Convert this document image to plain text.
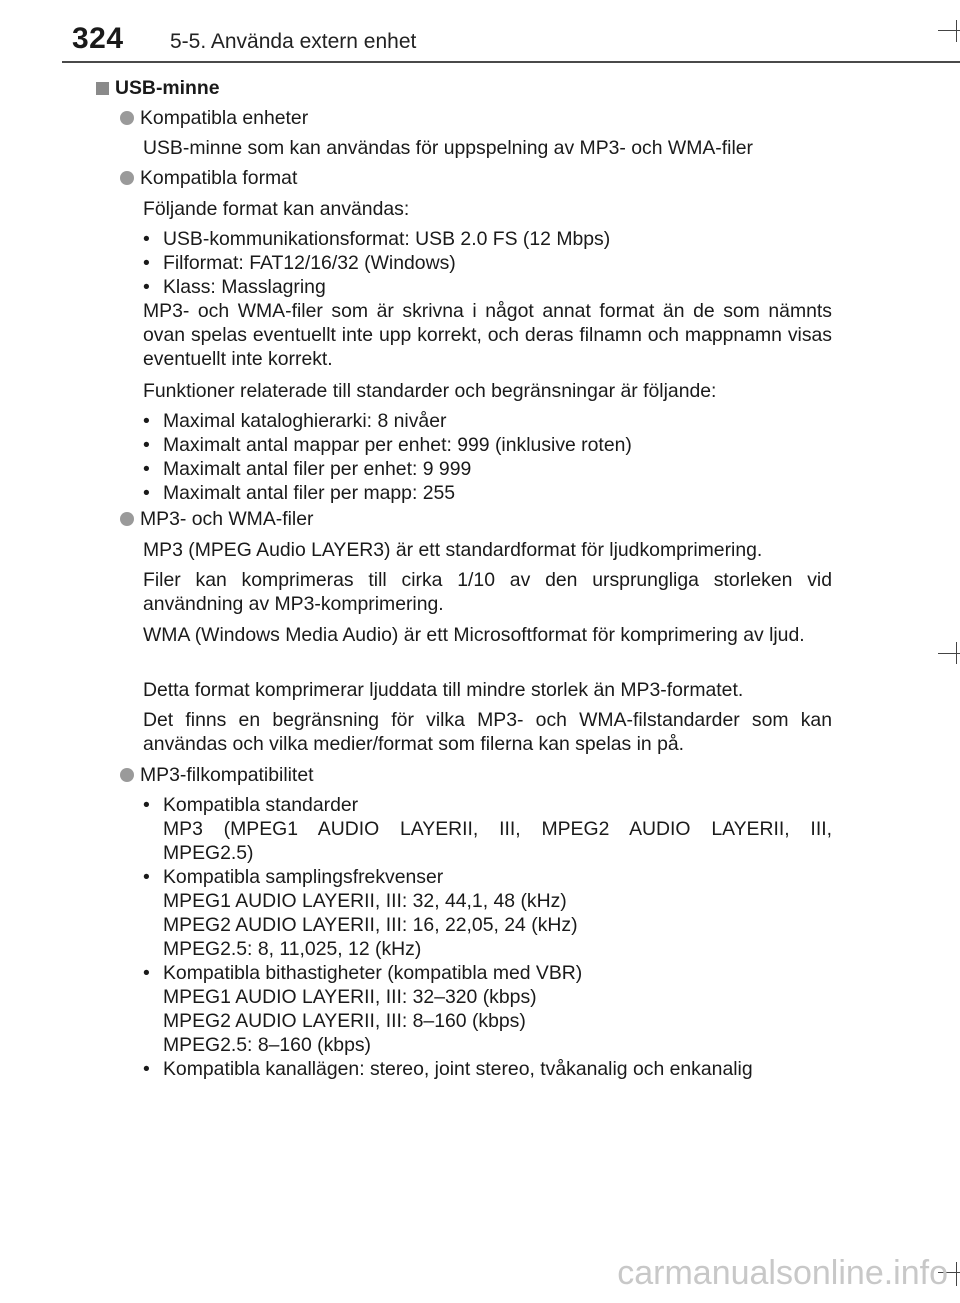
324 5-5. Använda extern enhet
USB-minne
Kompatibla enheter
USB-minne som kan användas för uppspelning av MP3- och WMA-filer
Kompatibla format
Följande format kan användas:
• USB-kommunikationsformat: USB 2.0 FS (12 Mbps)
• Filformat: FAT12/16/32 (Windows)
• Klass: Masslagring
MP3- och WMA-filer som är skrivna i något annat format än de som nämnts ovan spelas eventuellt inte upp korrekt, och deras filnamn och mappnamn visas eventuellt inte korrekt.
Funktioner relaterade till standarder och begränsningar är följande:
• Maximal kataloghierarki: 8 nivåer
• Maximalt antal mappar per enhet: 999 (inklusive roten)
• Maximalt antal filer per enhet: 9 999
• Maximalt antal filer per mapp: 255
MP3- och WMA-filer
MP3 (MPEG Audio LAYER3) är ett standardformat för ljudkomprimering.
Filer kan komprimeras till cirka 1/10 av den ursprungliga storleken vid användning av MP3-komprimering.
WMA (Windows Media Audio) är ett Microsoftformat för komprimering av ljud.
Detta format komprimerar ljuddata till mindre storlek än MP3-formatet.
Det finns en begränsning för vilka MP3- och WMA-filstandarder som kan användas och vilka medier/format som filerna kan spelas in på.
MP3-filkompatibilitet
• Kompatibla standarder
MP3 (MPEG1 AUDIO LAYERII, III, MPEG2 AUDIO LAYERII, III,
MPEG2.5)
• Kompatibla samplingsfrekvenser
MPEG1 AUDIO LAYERII, III: 32, 44,1, 48 (kHz)
MPEG2 AUDIO LAYERII, III: 16, 22,05, 24 (kHz)
MPEG2.5: 8, 11,025, 12 (kHz)
• Kompatibla bithastigheter (kompatibla med VBR)
MPEG1 AUDIO LAYERII, III: 32–320 (kbps)
MPEG2 AUDIO LAYERII, III: 8–160 (kbps)
MPEG2.5: 8–160 (kbps)
• Kompatibla kanallägen: stereo, joint stereo, tvåkanalig och enkanalig
carmanualsonline.info
